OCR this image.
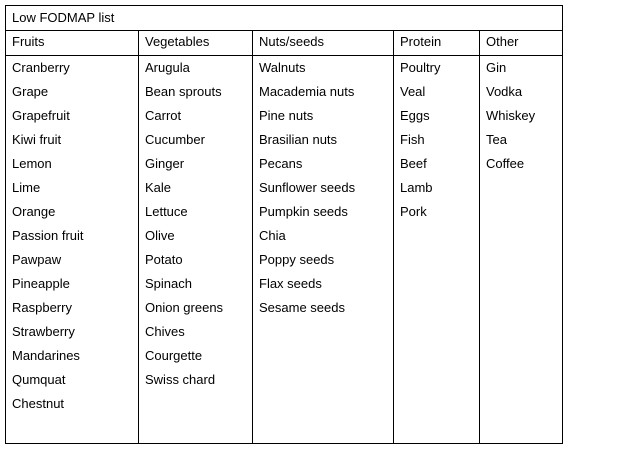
Low FODMAP list
Fruits
Cranberry
Grape
Grapefruit
Kiwi fruit
Lemon
Lime
Orange
Passion fruit
Pawpaw
Pineapple
Raspberry
Strawberry
Mandarines
Qumquat
Chestnut
Vegetables
Arugula
Bean sprouts
Carrot
Cucumber
Ginger
Kale
Lettuce
Olive
Potato
Spinach
Onion greens
Chives
Courgette
Swiss chard
Nuts/seeds
Walnuts
Macademia nuts
Pine nuts
Brasilian nuts
Pecans
Sunflower seeds
Pumpkin seeds
Chia
Poppy seeds
Flax seeds
Sesame seeds
Protein
Poultry
Veal
Eggs
Fish
Beef
Lamb
Pork
Other
Gin
Vodka
Whiskey
Tea
Coffee
